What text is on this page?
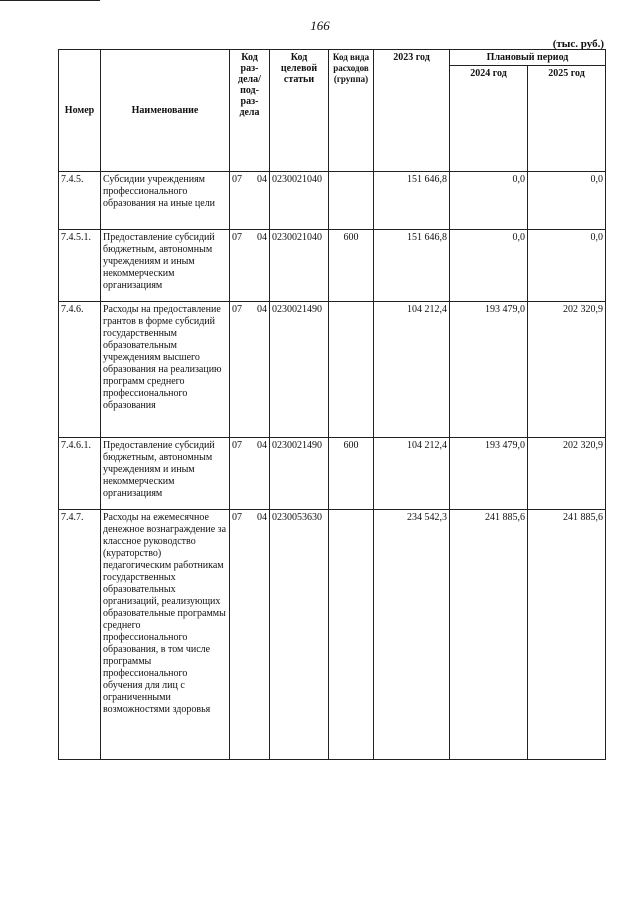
166
(тыс. руб.)
Номер	Наименование	Код раз-дела/ под-раз-дела	Код целевой статьи	Код вида расходов (группа)	2023 год	Плановый период	
						2024 год	2025 год
7.4.5.	Субсидии учреждениям профессионального образования на иные цели	07 04	0230021040		151 646,8	0,0	0,0
7.4.5.1.	Предоставление субсидий бюджетным, автономным учреждениям и иным некоммерческим организациям	07 04	0230021040	600	151 646,8	0,0	0,0
7.4.6.	Расходы на предоставление грантов в форме субсидий государственным образовательным учреждениям высшего образования на реализацию программ среднего профессионального образования	07 04	0230021490		104 212,4	193 479,0	202 320,9
7.4.6.1.	Предоставление субсидий бюджетным, автономным учреждениям и иным некоммерческим организациям	07 04	0230021490	600	104 212,4	193 479,0	202 320,9
7.4.7.	Расходы на ежемесячное денежное вознаграждение за классное руководство (кураторство) педагогическим работникам государственных образовательных организаций, реализующих образовательные программы среднего профессионального образования, в том числе программы профессионального обучения для лиц с ограниченными возможностями здоровья	07 04	0230053630		234 542,3	241 885,6	241 885,6
